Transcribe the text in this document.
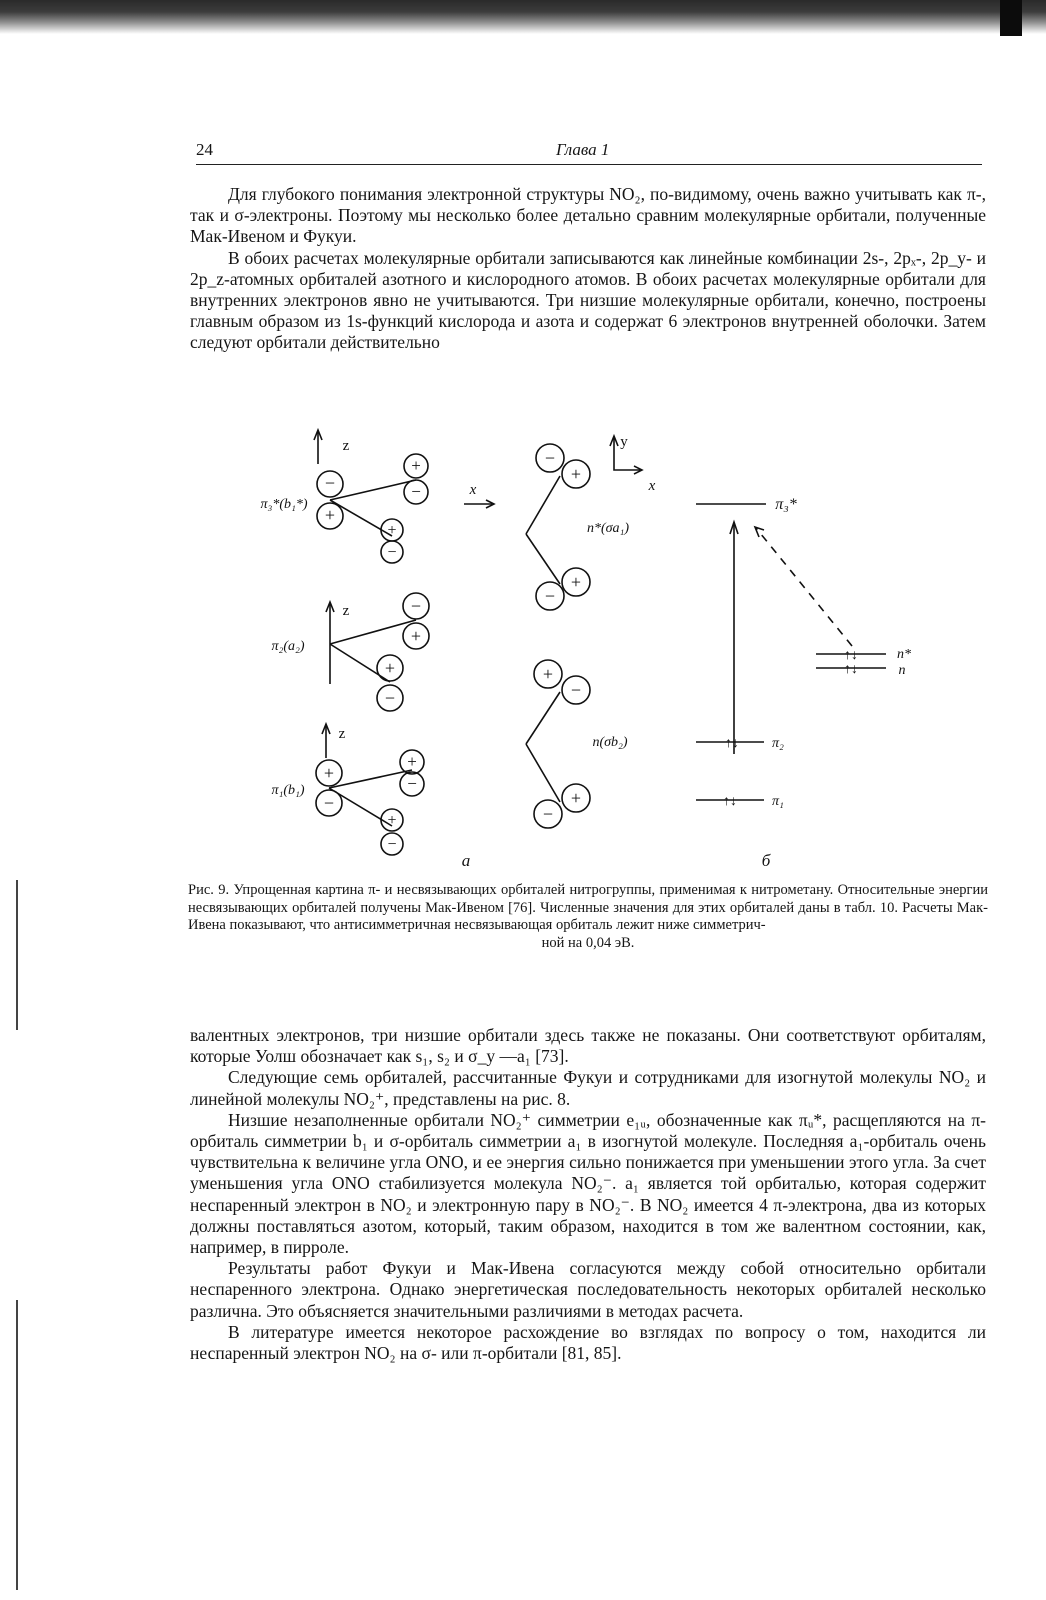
24	Глава 1

Для глубокого понимания электронной структуры NO₂, по-видимому, очень важно учитывать как π-, так и σ-электроны. Поэтому мы несколько более детально сравним молекулярные орбитали, полученные Мак-Ивеном и Фукуи.

В обоих расчетах молекулярные орбитали записываются как линейные комбинации 2s-, 2pₓ-, 2p_y- и 2p_z-атомных орбиталей азотного и кислородного атомов. В обоих расчетах молекулярные орбитали для внутренних электронов явно не учитываются. Три низшие молекулярные орбитали, конечно, построены главным образом из 1s-функций кислорода и азота и содержат 6 электронов внутренней оболочки. Затем следуют орбитали действительно

z
x
z
z
y
x
−
+
+
−
+
−
−
+
+
−
+
−
+
−
+
−
−
+
+
−
+
−
+
−
π₃*(b₁*)
π₂(a₂)
π₁(b₁)
n*(σa₁)
n(σb₂)
а	б
π₃*
n*
n
π₂
π₁
↑↓
↑↓
↑↓
↑↓
Рис. 9. Упрощенная картина π- и несвязывающих орбиталей нитрогруппы, применимая к нитрометану. Относительные энергии несвязывающих орбиталей получены Мак-Ивеном [76]. Численные значения для этих орбиталей даны в табл. 10. Расчеты Мак-Ивена показывают, что антисимметричная несвязывающая орбиталь лежит ниже симметрич-
ной на 0,04 эВ.

валентных электронов, три низшие орбитали здесь также не показаны. Они соответствуют орбиталям, которые Уолш обозначает как s₁, s₂ и σ_y —a₁ [73].

Следующие семь орбиталей, рассчитанные Фукуи и сотрудниками для изогнутой молекулы NO₂ и линейной молекулы NO₂⁺, представлены на рис. 8.

Низшие незаполненные орбитали NO₂⁺ симметрии e₁ᵤ, обозначенные как πᵤ*, расщепляются на π-орбиталь симметрии b₁ и σ-орбиталь симметрии a₁ в изогнутой молекуле. Последняя a₁-орбиталь очень чувствительна к величине угла ONO, и ее энергия сильно понижается при уменьшении этого угла. За счет уменьшения угла ONO стабилизуется молекула NO₂⁻. a₁ является той орбиталью, которая содержит неспаренный электрон в NO₂ и электронную пару в NO₂⁻. В NO₂ имеется 4 π-электрона, два из которых должны поставляться азотом, который, таким образом, находится в том же валентном состоянии, как, например, в пирроле.

Результаты работ Фукуи и Мак-Ивена согласуются между собой относительно орбитали неспаренного электрона. Однако энергетическая последовательность некоторых орбиталей несколько различна. Это объясняется значительными различиями в методах расчета.

В литературе имеется некоторое расхождение во взглядах по вопросу о том, находится ли неспаренный электрон NO₂ на σ- или π-орбитали [81, 85].
